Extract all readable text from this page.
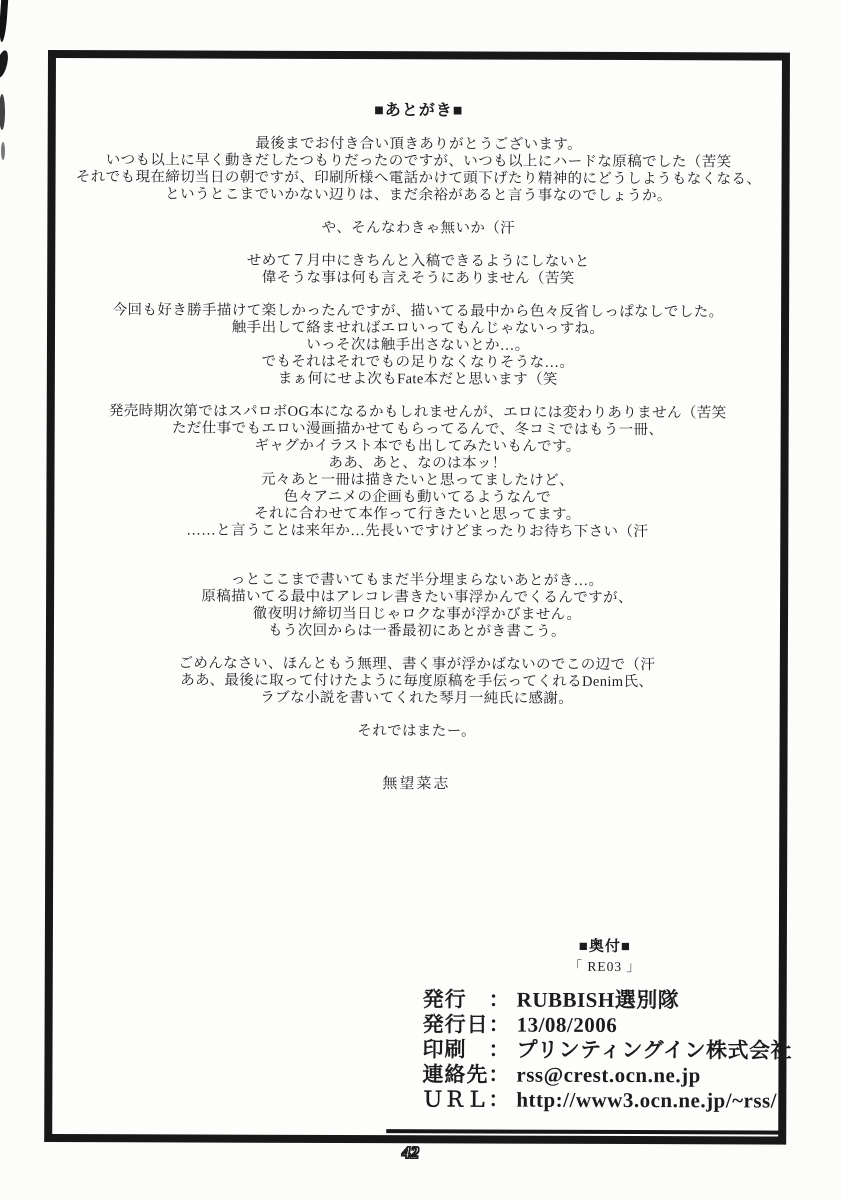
■あとがき■

最後までお付き合い頂きありがとうございます。
いつも以上に早く動きだしたつもりだったのですが、いつも以上にハードな原稿でした（苦笑
それでも現在締切当日の朝ですが、印刷所様へ電話かけて頭下げたり精神的にどうしようもなくなる、
というとこまでいかない辺りは、まだ余裕があると言う事なのでしょうか。

や、そんなわきゃ無いか（汗

せめて７月中にきちんと入稿できるようにしないと
偉そうな事は何も言えそうにありません（苦笑

今回も好き勝手描けて楽しかったんですが、描いてる最中から色々反省しっぱなしでした。
触手出して絡ませればエロいってもんじゃないっすね。
いっそ次は触手出さないとか…。
でもそれはそれでもの足りなくなりそうな…。
まぁ何にせよ次もFate本だと思います（笑

発売時期次第ではスパロボOG本になるかもしれませんが、エロには変わりありません（苦笑
ただ仕事でもエロい漫画描かせてもらってるんで、冬コミではもう一冊、
ギャグかイラスト本でも出してみたいもんです。
ああ、あと、なのは本ッ！
元々あと一冊は描きたいと思ってましたけど、
色々アニメの企画も動いてるようなんで
それに合わせて本作って行きたいと思ってます。
……と言うことは来年か…先長いですけどまったりお待ち下さい（汗

っとここまで書いてもまだ半分埋まらないあとがき…。
原稿描いてる最中はアレコレ書きたい事浮かんでくるんですが、
徹夜明け締切当日じゃロクな事が浮かびません。
もう次回からは一番最初にあとがき書こう。

ごめんなさい、ほんともう無理、書く事が浮かばないのでこの辺で（汗
ああ、最後に取って付けたように毎度原稿を手伝ってくれるDenim氏、
ラブな小説を書いてくれた琴月一純氏に感謝。

それではまたー。

無望菜志
■奥付■
「 RE03 」
発行　： RUBBISH選別隊
発行日： 13/08/2006
印刷　： プリンティングイン株式会社
連絡先： rss@crest.ocn.ne.jp
ＵＲＬ： http://www3.ocn.ne.jp/~rss/
42
